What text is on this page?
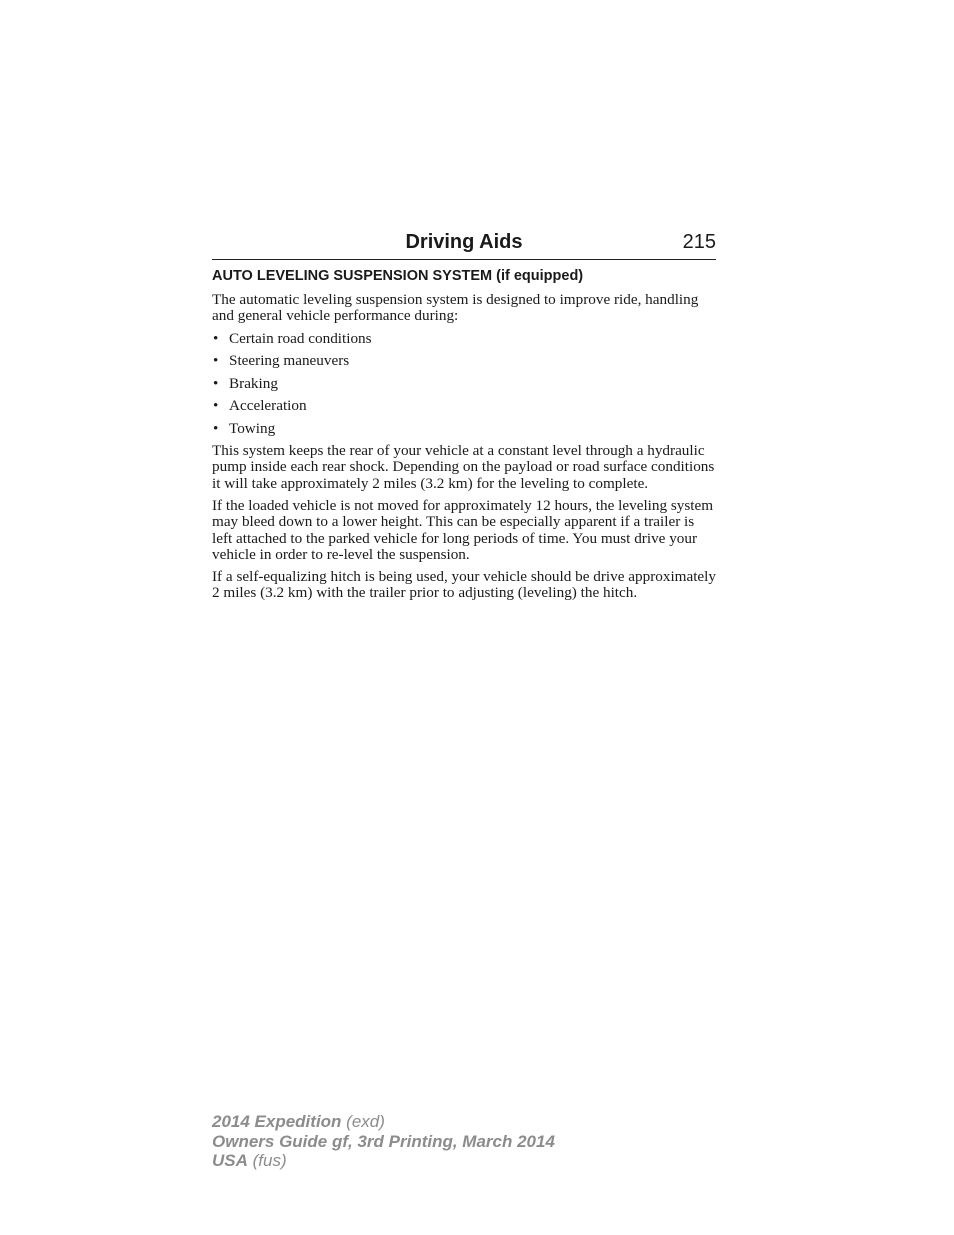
Driving Aids	215
AUTO LEVELING SUSPENSION SYSTEM (if equipped)

The automatic leveling suspension system is designed to improve ride, handling and general vehicle performance during:

• Certain road conditions
• Steering maneuvers
• Braking
• Acceleration
• Towing

This system keeps the rear of your vehicle at a constant level through a hydraulic pump inside each rear shock. Depending on the payload or road surface conditions it will take approximately 2 miles (3.2 km) for the leveling to complete.

If the loaded vehicle is not moved for approximately 12 hours, the leveling system may bleed down to a lower height. This can be especially apparent if a trailer is left attached to the parked vehicle for long periods of time. You must drive your vehicle in order to re-level the suspension.

If a self-equalizing hitch is being used, your vehicle should be drive approximately 2 miles (3.2 km) with the trailer prior to adjusting (leveling) the hitch.

2014 Expedition (exd)
Owners Guide gf, 3rd Printing, March 2014
USA (fus)
